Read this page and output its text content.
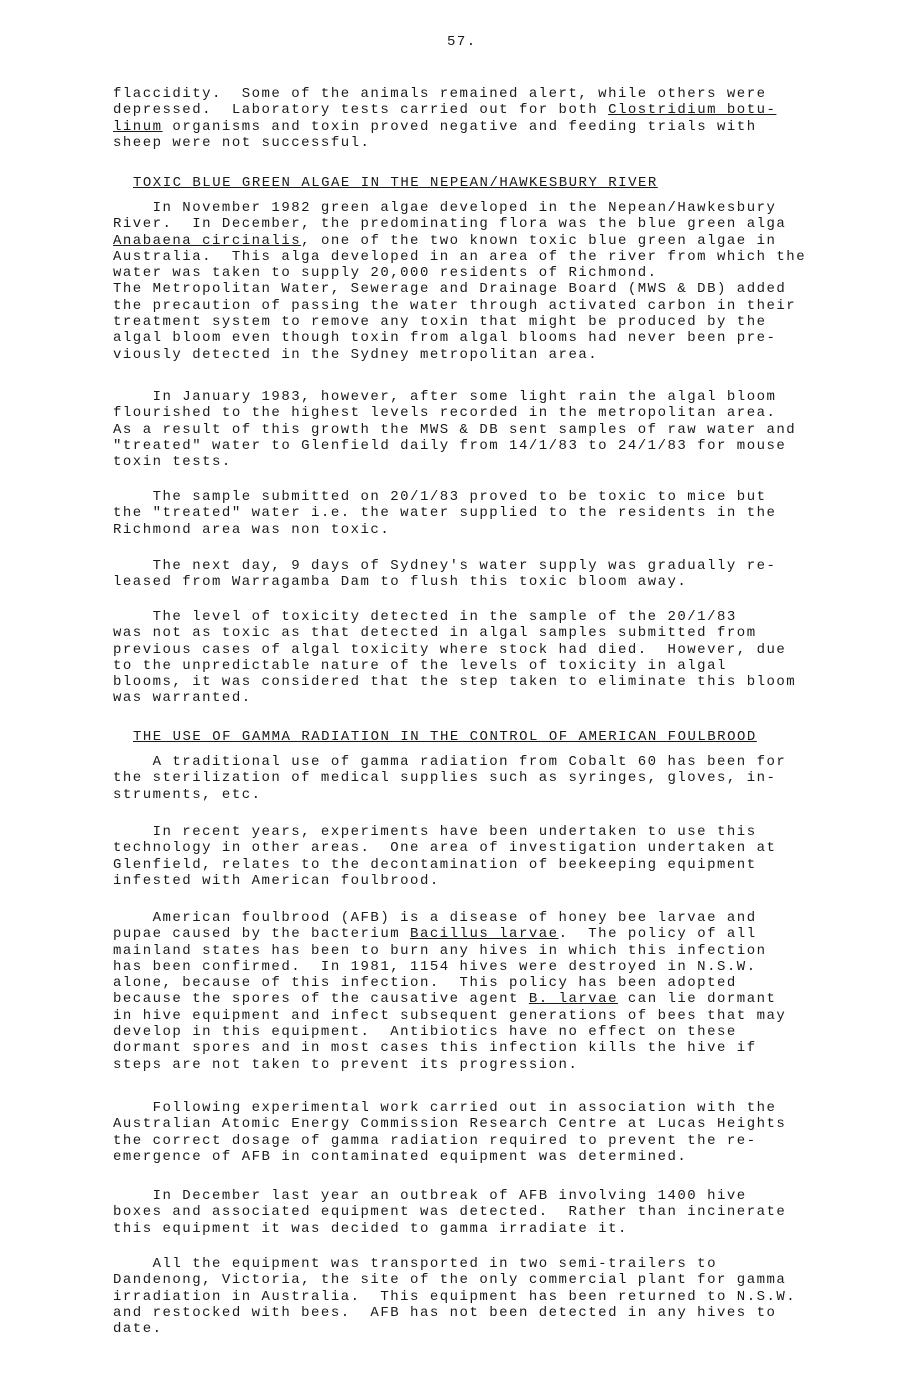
57.
flaccidity.  Some of the animals remained alert, while others were
depressed.  Laboratory tests carried out for both Clostridium botu-
linum organisms and toxin proved negative and feeding trials with
sheep were not successful.
TOXIC BLUE GREEN ALGAE IN THE NEPEAN/HAWKESBURY RIVER
In November 1982 green algae developed in the Nepean/Hawkesbury
River.  In December, the predominating flora was the blue green alga
Anabaena circinalis, one of the two known toxic blue green algae in
Australia.  This alga developed in an area of the river from which the
water was taken to supply 20,000 residents of Richmond.
The Metropolitan Water, Sewerage and Drainage Board (MWS & DB) added
the precaution of passing the water through activated carbon in their
treatment system to remove any toxin that might be produced by the
algal bloom even though toxin from algal blooms had never been pre-
viously detected in the Sydney metropolitan area.
In January 1983, however, after some light rain the algal bloom
flourished to the highest levels recorded in the metropolitan area.
As a result of this growth the MWS & DB sent samples of raw water and
"treated" water to Glenfield daily from 14/1/83 to 24/1/83 for mouse
toxin tests.
The sample submitted on 20/1/83 proved to be toxic to mice but
the "treated" water i.e. the water supplied to the residents in the
Richmond area was non toxic.
The next day, 9 days of Sydney's water supply was gradually re-
leased from Warragamba Dam to flush this toxic bloom away.
The level of toxicity detected in the sample of the 20/1/83
was not as toxic as that detected in algal samples submitted from
previous cases of algal toxicity where stock had died.  However, due
to the unpredictable nature of the levels of toxicity in algal
blooms, it was considered that the step taken to eliminate this bloom
was warranted.
THE USE OF GAMMA RADIATION IN THE CONTROL OF AMERICAN FOULBROOD
A traditional use of gamma radiation from Cobalt 60 has been for
the sterilization of medical supplies such as syringes, gloves, in-
struments, etc.
In recent years, experiments have been undertaken to use this
technology in other areas.  One area of investigation undertaken at
Glenfield, relates to the decontamination of beekeeping equipment
infested with American foulbrood.
American foulbrood (AFB) is a disease of honey bee larvae and
pupae caused by the bacterium Bacillus larvae.  The policy of all
mainland states has been to burn any hives in which this infection
has been confirmed.  In 1981, 1154 hives were destroyed in N.S.W.
alone, because of this infection.  This policy has been adopted
because the spores of the causative agent B. larvae can lie dormant
in hive equipment and infect subsequent generations of bees that may
develop in this equipment.  Antibiotics have no effect on these
dormant spores and in most cases this infection kills the hive if
steps are not taken to prevent its progression.
Following experimental work carried out in association with the
Australian Atomic Energy Commission Research Centre at Lucas Heights
the correct dosage of gamma radiation required to prevent the re-
emergence of AFB in contaminated equipment was determined.
In December last year an outbreak of AFB involving 1400 hive
boxes and associated equipment was detected.  Rather than incinerate
this equipment it was decided to gamma irradiate it.
All the equipment was transported in two semi-trailers to
Dandenong, Victoria, the site of the only commercial plant for gamma
irradiation in Australia.  This equipment has been returned to N.S.W.
and restocked with bees.  AFB has not been detected in any hives to
date.
